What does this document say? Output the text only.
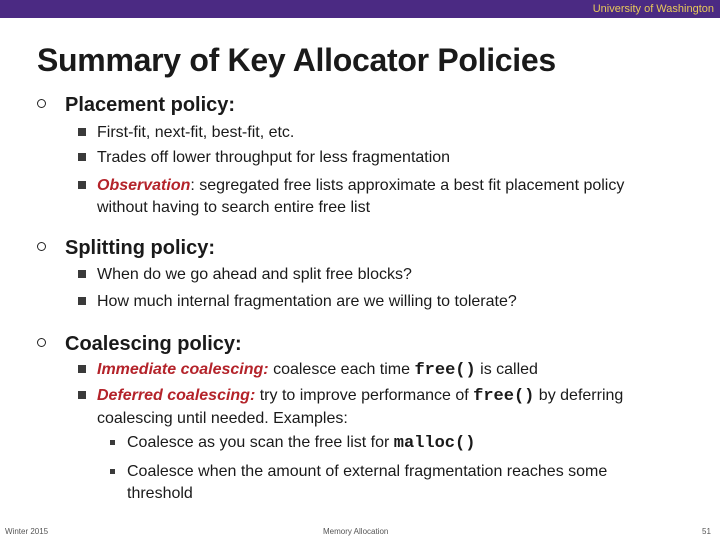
University of Washington
Summary of Key Allocator Policies
Placement policy:
First-fit, next-fit, best-fit, etc.
Trades off lower throughput for less fragmentation
Observation: segregated free lists approximate a best fit placement policy without having to search entire free list
Splitting policy:
When do we go ahead and split free blocks?
How much internal fragmentation are we willing to tolerate?
Coalescing policy:
Immediate coalescing: coalesce each time free() is called
Deferred coalescing: try to improve performance of free() by deferring coalescing until needed. Examples:
Coalesce as you scan the free list for malloc()
Coalesce when the amount of external fragmentation reaches some threshold
Winter 2015	Memory Allocation	51
